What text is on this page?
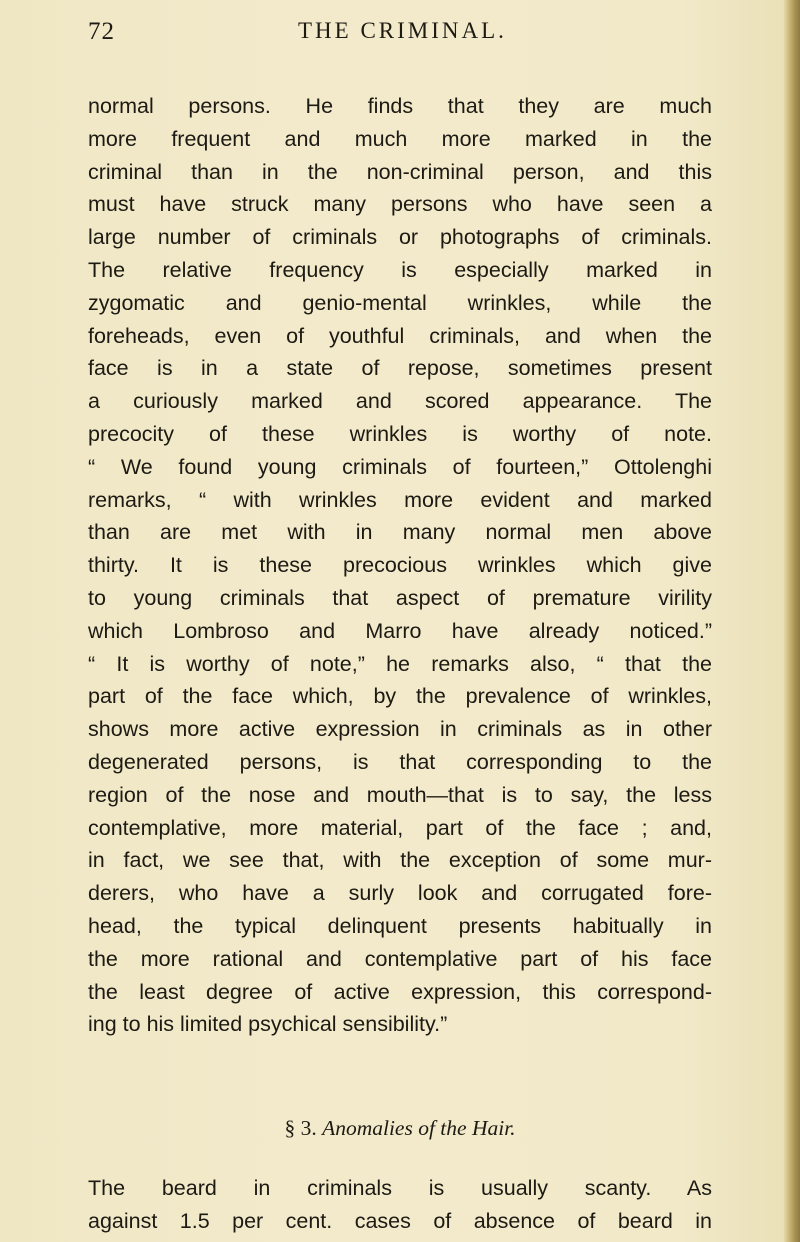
72	THE CRIMINAL.
normal persons. He finds that they are much
more frequent and much more marked in the
criminal than in the non-criminal person, and this
must have struck many persons who have seen a
large number of criminals or photographs of criminals.
The relative frequency is especially marked in
zygomatic and genio-mental wrinkles, while the
foreheads, even of youthful criminals, and when the
face is in a state of repose, sometimes present
a curiously marked and scored appearance. The
precocity of these wrinkles is worthy of note.
“ We found young criminals of fourteen,” Ottolenghi
remarks, “ with wrinkles more evident and marked
than are met with in many normal men above
thirty. It is these precocious wrinkles which give
to young criminals that aspect of premature virility
which Lombroso and Marro have already noticed.”
“ It is worthy of note,” he remarks also, “ that the
part of the face which, by the prevalence of wrinkles,
shows more active expression in criminals as in other
degenerated persons, is that corresponding to the
region of the nose and mouth—that is to say, the less
contemplative, more material, part of the face ; and,
in fact, we see that, with the exception of some mur-
derers, who have a surly look and corrugated fore-
head, the typical delinquent presents habitually in
the more rational and contemplative part of his face
the least degree of active expression, this correspond-
ing to his limited psychical sensibility.”
§ 3. Anomalies of the Hair.
The beard in criminals is usually scanty. As
against 1.5 per cent. cases of absence of beard in
